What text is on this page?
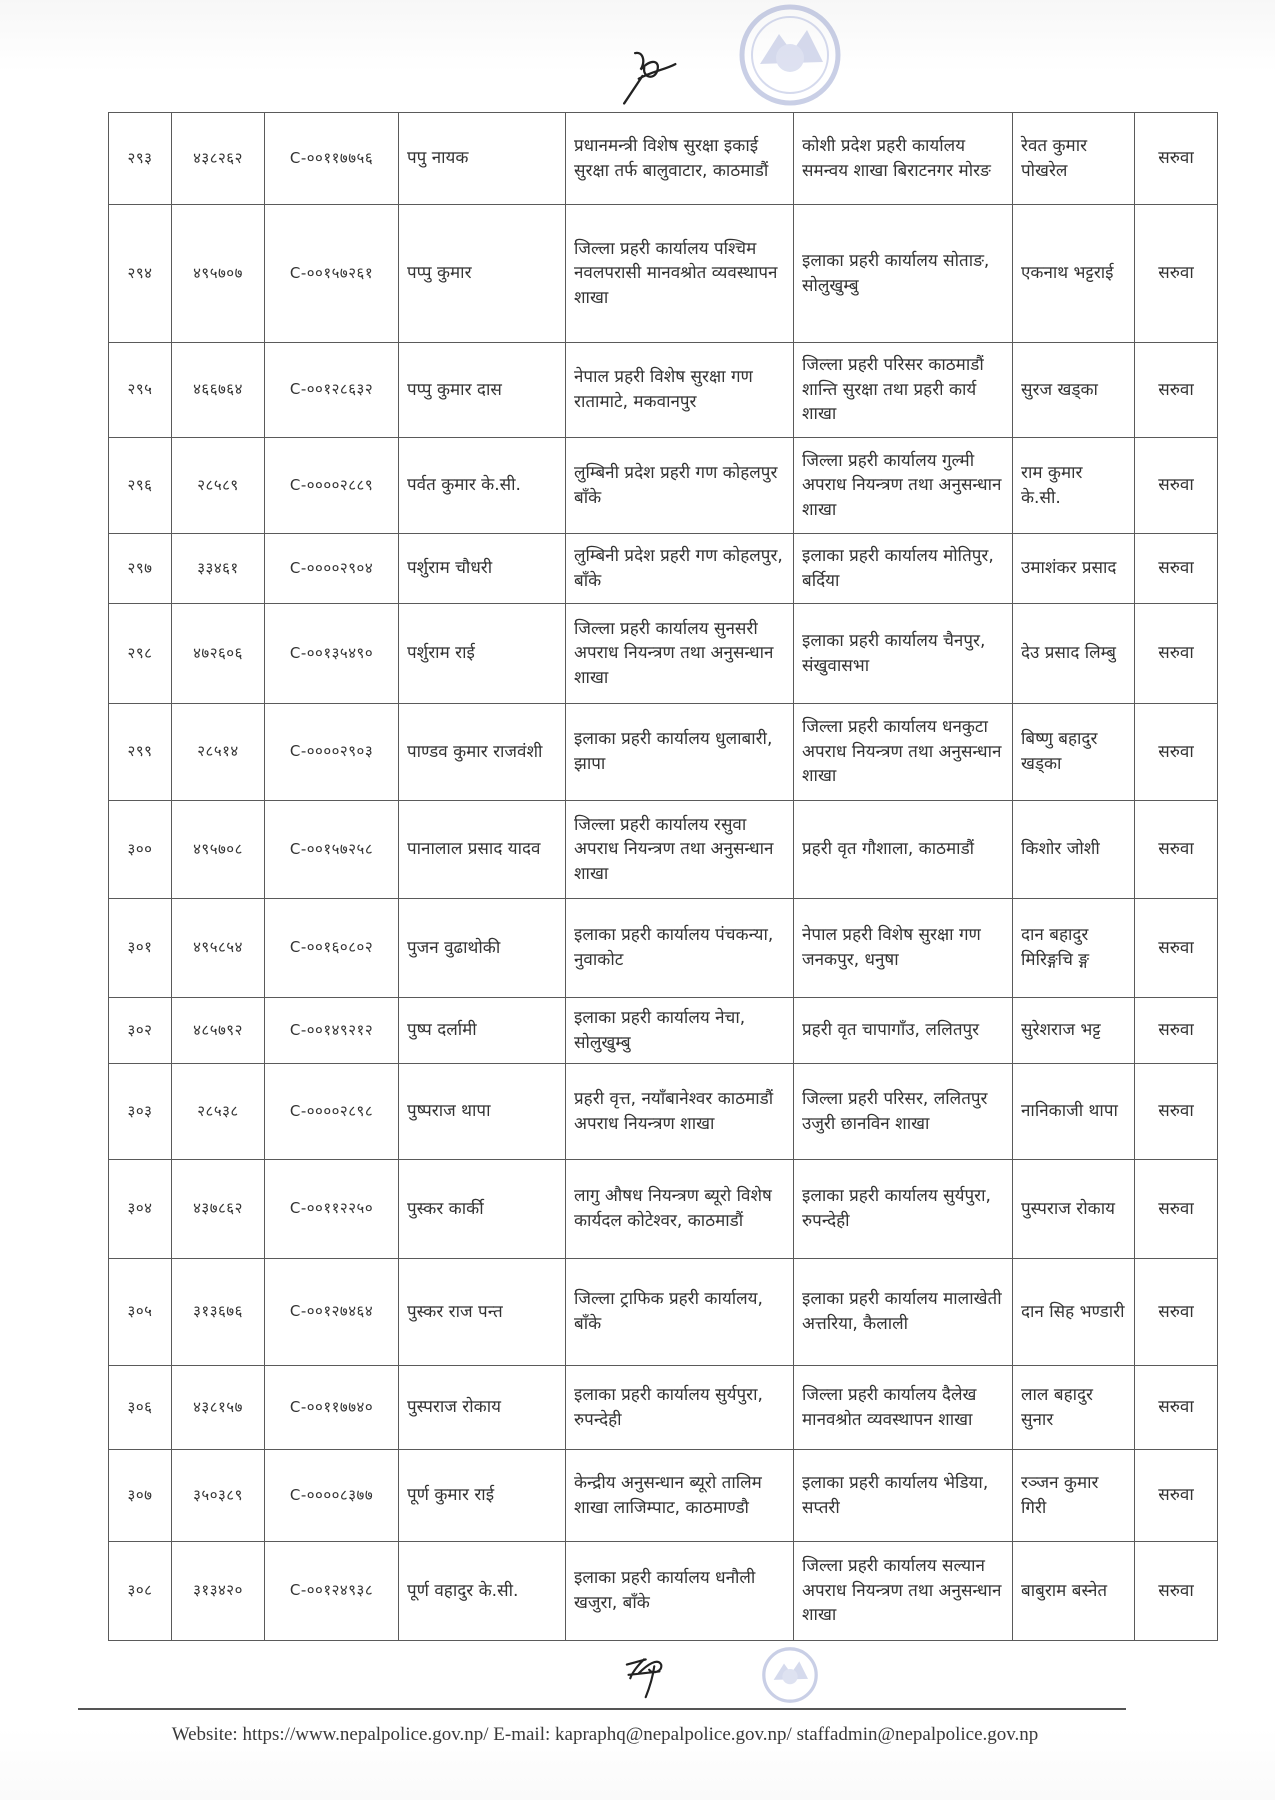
२९३	४३८२६२	C-००११७७५६	पपु नायक	प्रधानमन्त्री विशेष सुरक्षा इकाई सुरक्षा तर्फ बालुवाटार, काठमाडौं	कोशी प्रदेश प्रहरी कार्यालय समन्वय शाखा बिराटनगर मोरङ	रेवत कुमार पोखरेल	सरुवा
२९४	४९५७०७	C-००१५७२६१	पप्पु कुमार	जिल्ला प्रहरी कार्यालय पश्चिम नवलपरासी मानवश्रोत व्यवस्थापन शाखा	इलाका प्रहरी कार्यालय सोताङ, सोलुखुम्बु	एकनाथ भट्टराई	सरुवा
२९५	४६६७६४	C-००१२८६३२	पप्पु कुमार दास	नेपाल प्रहरी विशेष सुरक्षा गण रातामाटे, मकवानपुर	जिल्ला प्रहरी परिसर काठमाडौं शान्ति सुरक्षा तथा प्रहरी कार्य शाखा	सुरज खड्का	सरुवा
२९६	२८५८९	C-००००२८८९	पर्वत कुमार के.सी.	लुम्बिनी प्रदेश प्रहरी गण कोहलपुर बाँके	जिल्ला प्रहरी कार्यालय गुल्मी अपराध नियन्त्रण तथा अनुसन्धान शाखा	राम कुमार के.सी.	सरुवा
२९७	३३४६१	C-००००२९०४	पर्शुराम चौधरी	लुम्बिनी प्रदेश प्रहरी गण कोहलपुर, बाँके	इलाका प्रहरी कार्यालय मोतिपुर, बर्दिया	उमाशंकर प्रसाद	सरुवा
२९८	४७२६०६	C-००१३५४९०	पर्शुराम राई	जिल्ला प्रहरी कार्यालय सुनसरी अपराध नियन्त्रण तथा अनुसन्धान शाखा	इलाका प्रहरी कार्यालय चैनपुर, संखुवासभा	देउ प्रसाद लिम्बु	सरुवा
२९९	२८५१४	C-००००२९०३	पाण्डव कुमार राजवंशी	इलाका प्रहरी कार्यालय धुलाबारी, झापा	जिल्ला प्रहरी कार्यालय धनकुटा अपराध नियन्त्रण तथा अनुसन्धान शाखा	बिष्णु बहादुर खड्का	सरुवा
३००	४९५७०८	C-००१५७२५८	पानालाल प्रसाद यादव	जिल्ला प्रहरी कार्यालय रसुवा अपराध नियन्त्रण तथा अनुसन्धान शाखा	प्रहरी वृत गौशाला, काठमाडौं	किशोर जोशी	सरुवा
३०१	४९५८५४	C-००१६०८०२	पुजन वुढाथोकी	इलाका प्रहरी कार्यालय पंचकन्या, नुवाकोट	नेपाल प्रहरी विशेष सुरक्षा गण जनकपुर, धनुषा	दान बहादुर मिरिङ्गचि ङ्ग	सरुवा
३०२	४८५७९२	C-००१४९२१२	पुष्प दर्लामी	इलाका प्रहरी कार्यालय नेचा, सोलुखुम्बु	प्रहरी वृत चापागाँउ, ललितपुर	सुरेशराज भट्ट	सरुवा
३०३	२८५३८	C-००००२८९८	पुष्पराज थापा	प्रहरी वृत्त, नयाँबानेश्वर काठमाडौं अपराध नियन्त्रण शाखा	जिल्ला प्रहरी परिसर, ललितपुर उजुरी छानविन शाखा	नानिकाजी थापा	सरुवा
३०४	४३७८६२	C-००११२२५०	पुस्कर कार्की	लागु औषध नियन्त्रण ब्यूरो विशेष कार्यदल कोटेश्वर, काठमाडौं	इलाका प्रहरी कार्यालय सुर्यपुरा, रुपन्देही	पुस्पराज रोकाय	सरुवा
३०५	३१३६७६	C-००१२७४६४	पुस्कर राज पन्त	जिल्ला ट्राफिक प्रहरी कार्यालय, बाँके	इलाका प्रहरी कार्यालय मालाखेती अत्तरिया, कैलाली	दान सिह भण्डारी	सरुवा
३०६	४३८१५७	C-००११७७४०	पुस्पराज रोकाय	इलाका प्रहरी कार्यालय सुर्यपुरा, रुपन्देही	जिल्ला प्रहरी कार्यालय दैलेख मानवश्रोत व्यवस्थापन शाखा	लाल बहादुर सुनार	सरुवा
३०७	३५०३८९	C-००००८३७७	पूर्ण कुमार राई	केन्द्रीय अनुसन्धान ब्यूरो तालिम शाखा लाजिम्पाट, काठमाण्डौ	इलाका प्रहरी कार्यालय भेडिया, सप्तरी	रञ्जन कुमार गिरी	सरुवा
३०८	३१३४२०	C-००१२४९३८	पूर्ण वहादुर के.सी.	इलाका प्रहरी कार्यालय धनौली खजुरा, बाँके	जिल्ला प्रहरी कार्यालय सल्यान अपराध नियन्त्रण तथा अनुसन्धान शाखा	बाबुराम बस्नेत	सरुवा
Website: https://www.nepalpolice.gov.np/ E-mail: kapraphq@nepalpolice.gov.np/ staffadmin@nepalpolice.gov.np
